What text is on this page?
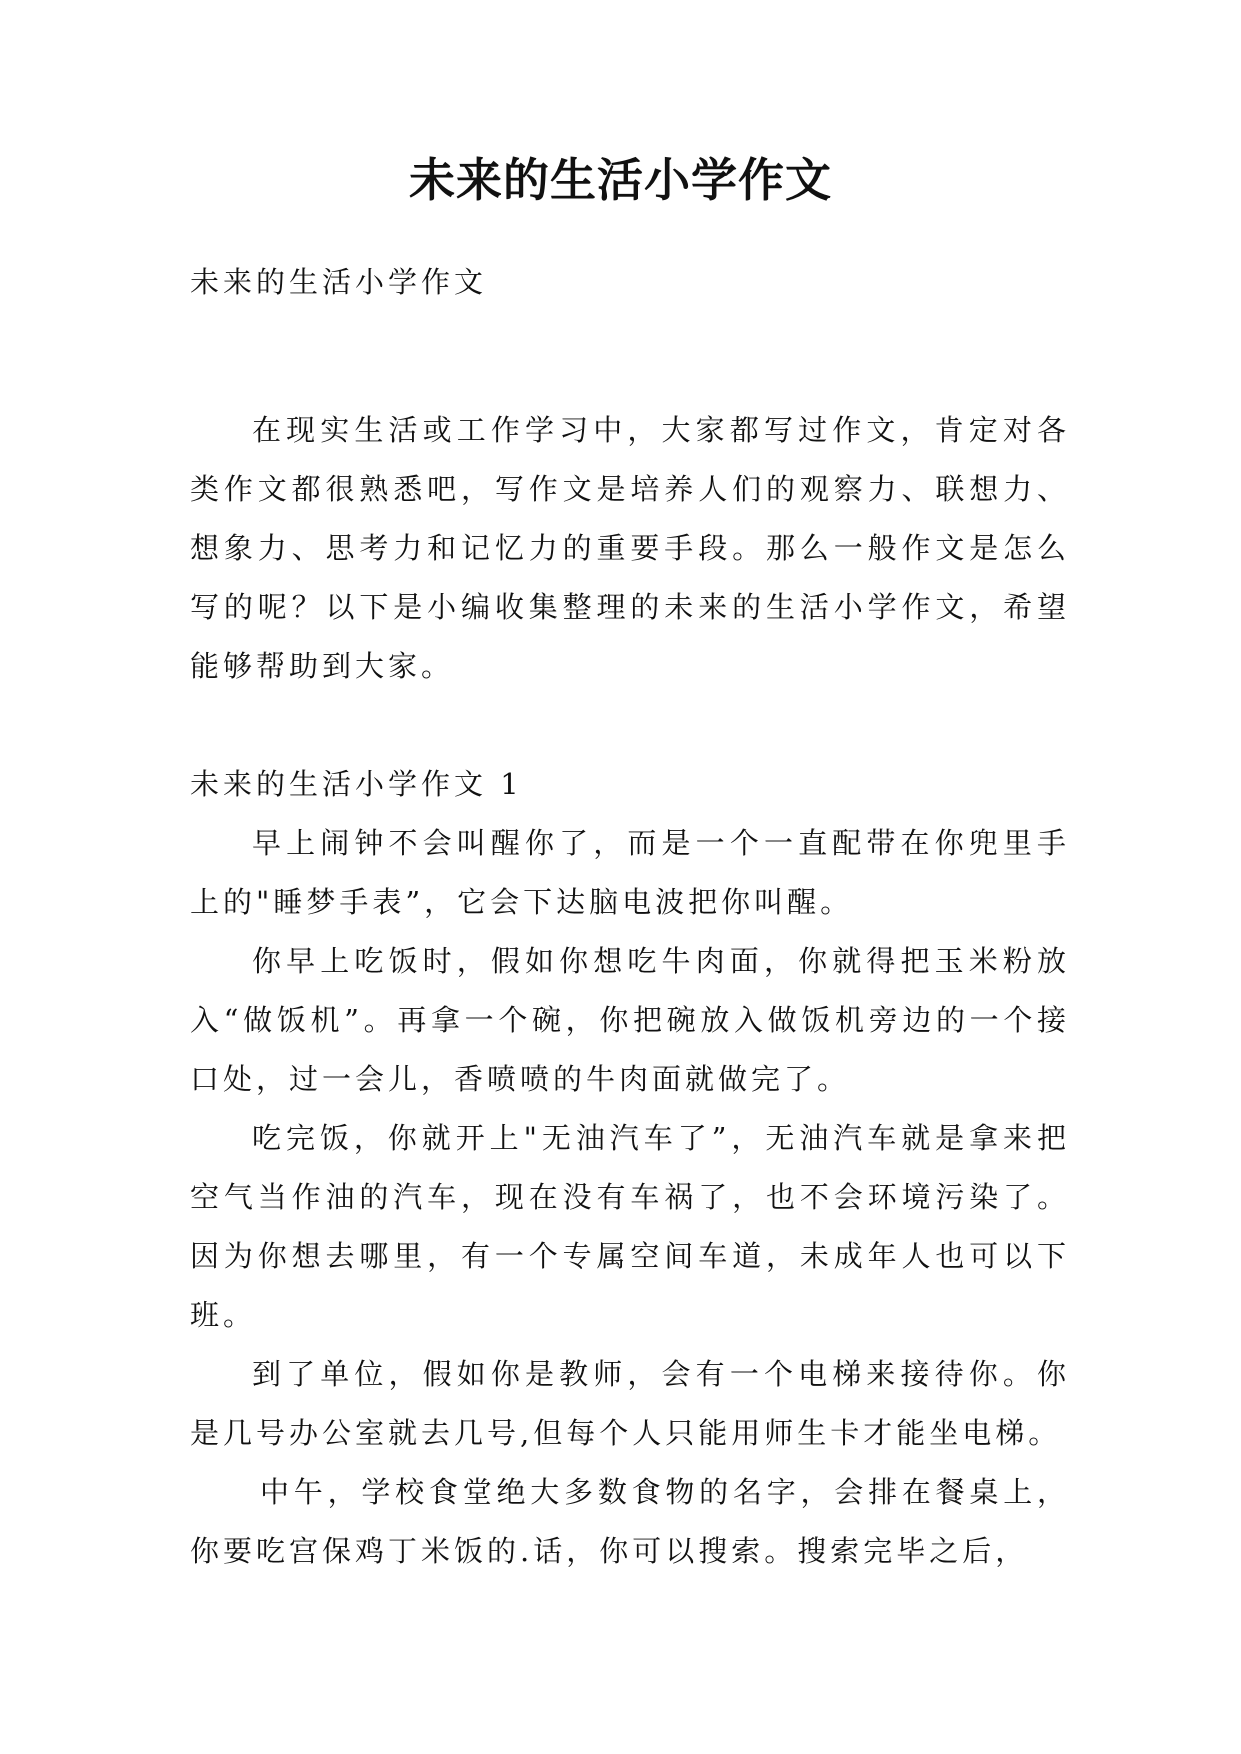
未来的生活小学作文
未来的生活小学作文

在现实生活或工作学习中，大家都写过作文，肯定对各类作文都很熟悉吧，写作文是培养人们的观察力、联想力、想象力、思考力和记忆力的重要手段。那么一般作文是怎么写的呢？以下是小编收集整理的未来的生活小学作文，希望能够帮助到大家。

未来的生活小学作文 1

早上闹钟不会叫醒你了，而是一个一直配带在你兜里手上的"睡梦手表”，它会下达脑电波把你叫醒。

你早上吃饭时，假如你想吃牛肉面，你就得把玉米粉放入“做饭机”。再拿一个碗，你把碗放入做饭机旁边的一个接口处，过一会儿，香喷喷的牛肉面就做完了。

吃完饭，你就开上"无油汽车了”，无油汽车就是拿来把空气当作油的汽车，现在没有车祸了，也不会环境污染了。因为你想去哪里，有一个专属空间车道，未成年人也可以下班。

到了单位，假如你是教师，会有一个电梯来接待你。你是几号办公室就去几号,但每个人只能用师生卡才能坐电梯。

中午，学校食堂绝大多数食物的名字，会排在餐桌上，你要吃宫保鸡丁米饭的.话，你可以搜索。搜索完毕之后，
